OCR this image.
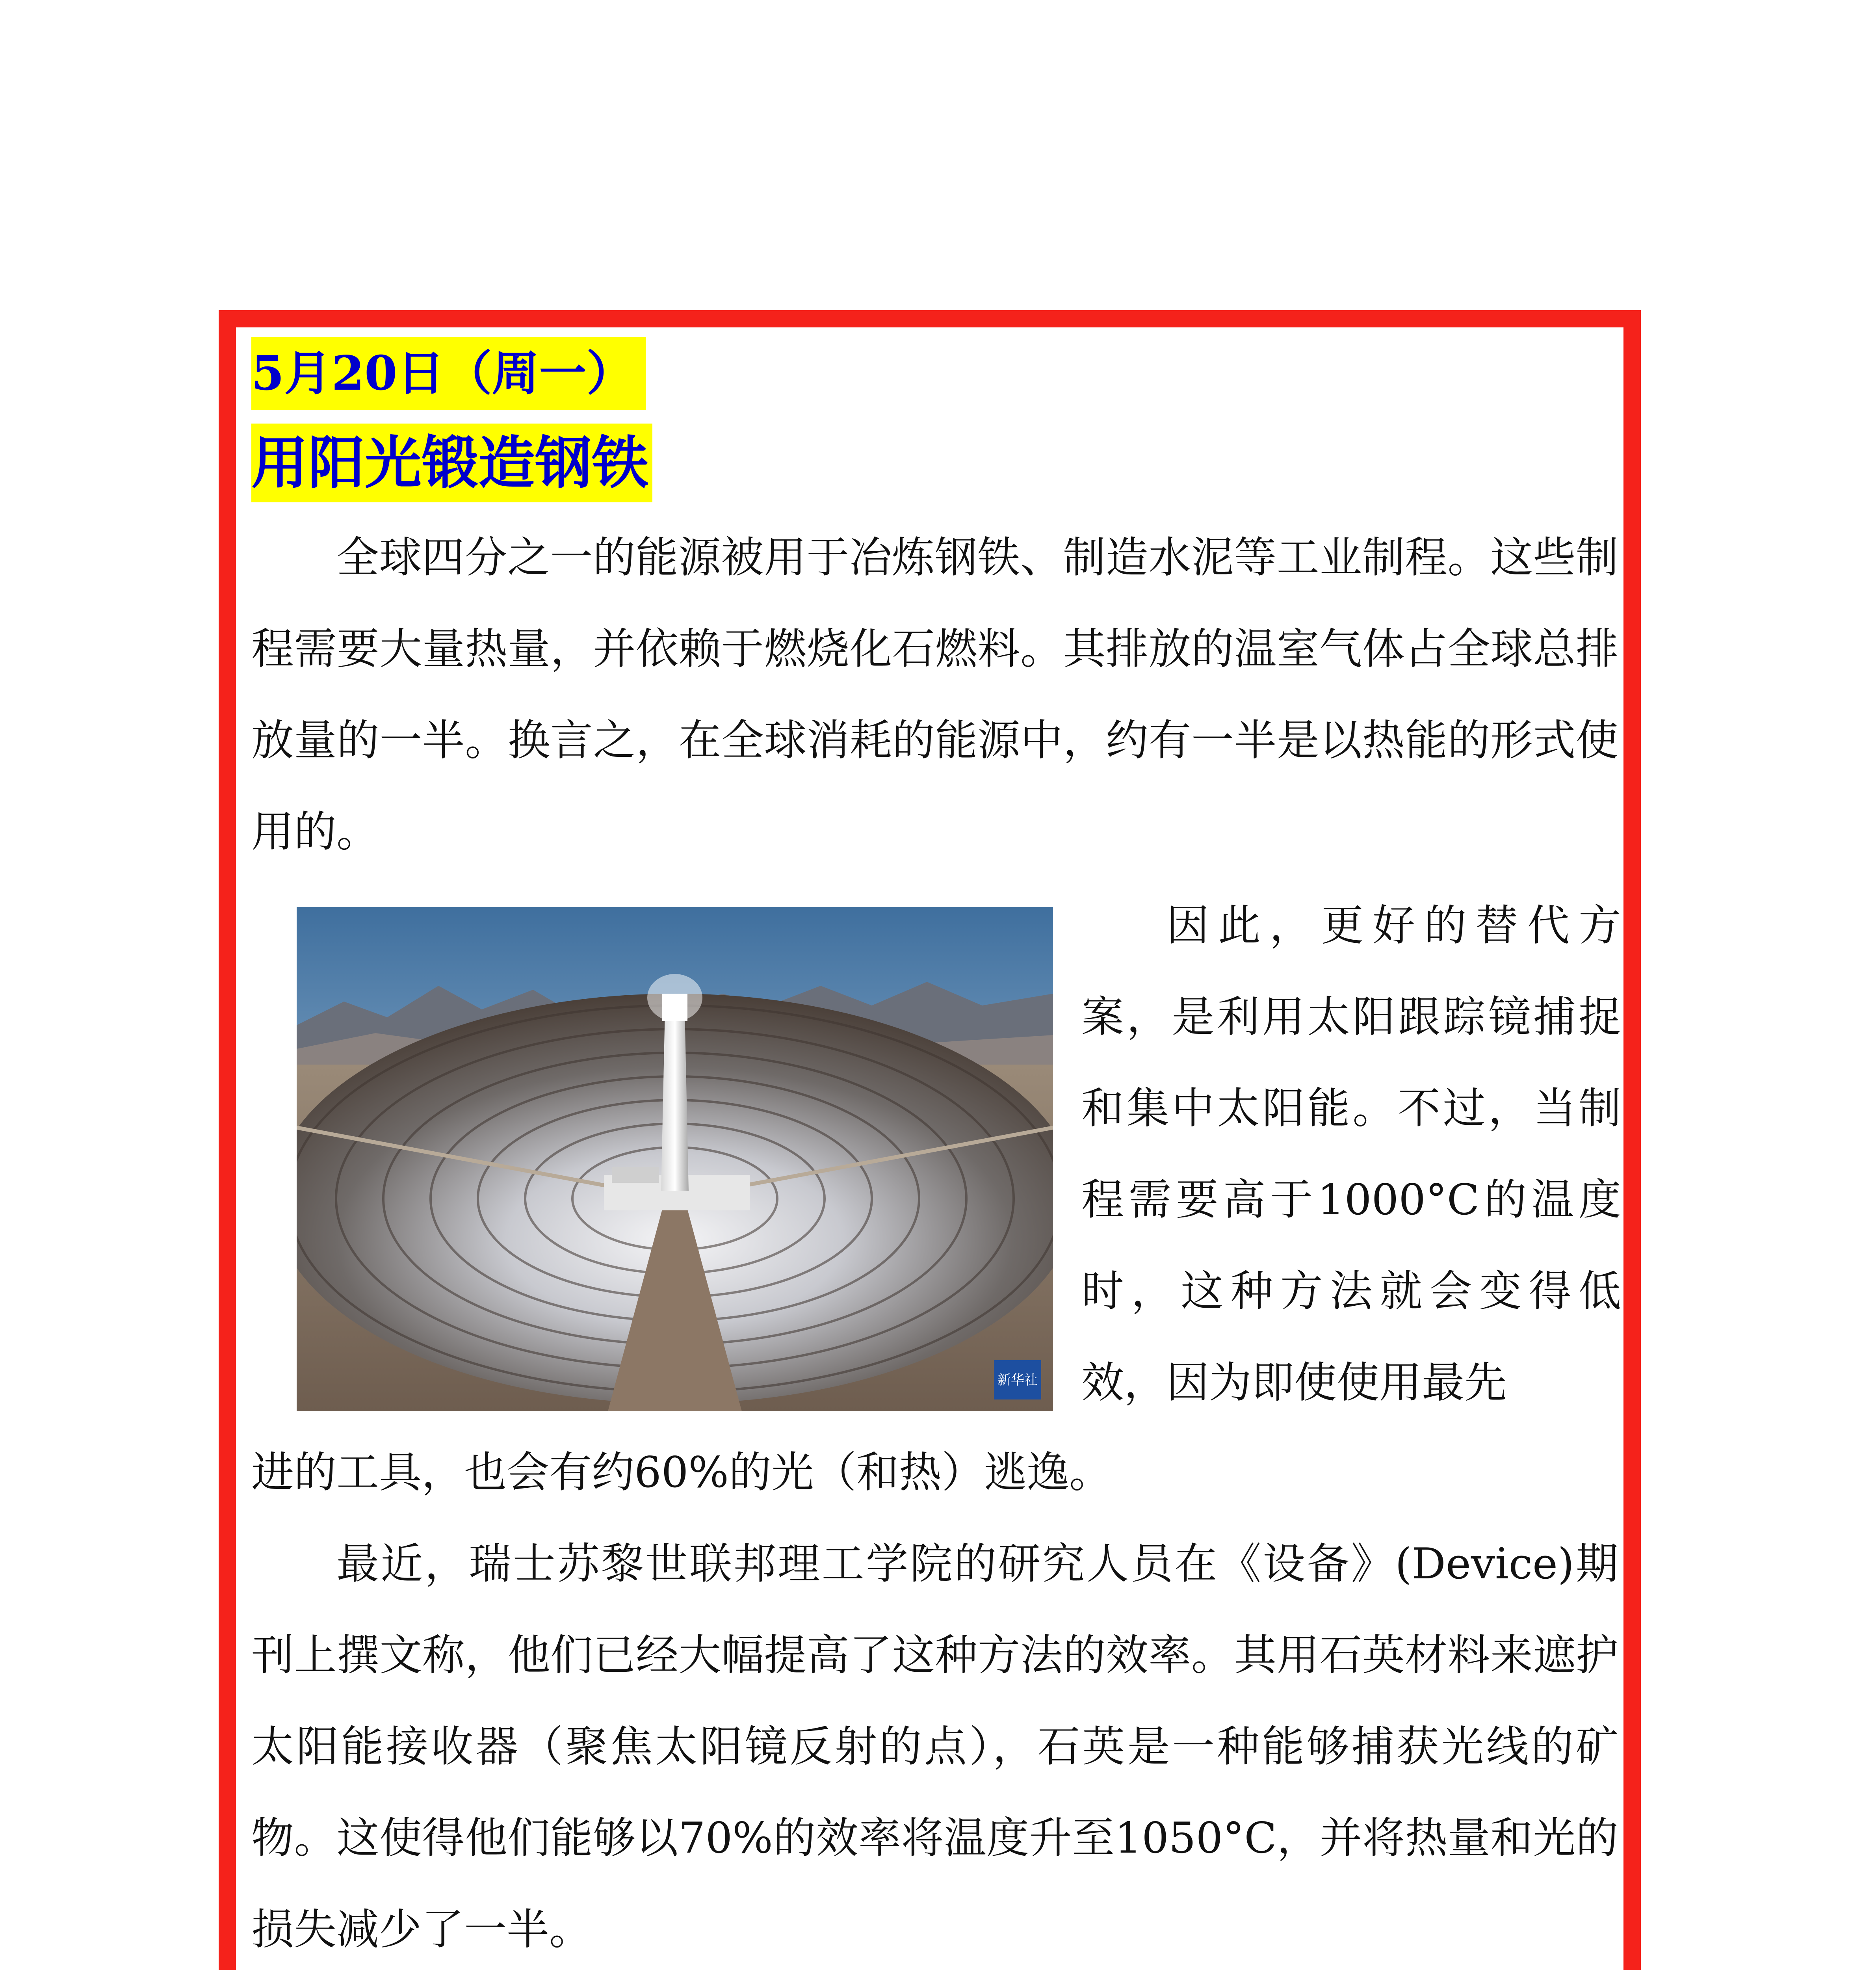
5月20日（周一）
用阳光锻造钢铁
全球四分之一的能源被用于冶炼钢铁、制造水泥等工业制程。这些制程需要大量热量，并依赖于燃烧化石燃料。其排放的温室气体占全球总排放量的一半。换言之，在全球消耗的能源中，约有一半是以热能的形式使用的。
新华社
因此，更好的替代方案，是利用太阳跟踪镜捕捉和集中太阳能。不过，当制程需要高于1000°C的温度时，这种方法就会变得低效，因为即使使用最先
进的工具，也会有约60%的光（和热）逃逸。
最近，瑞士苏黎世联邦理工学院的研究人员在《设备》(Device)期刊上撰文称，他们已经大幅提高了这种方法的效率。其用石英材料来遮护太阳能接收器（聚焦太阳镜反射的点），石英是一种能够捕获光线的矿物。这使得他们能够以70%的效率将温度升至1050°C，并将热量和光的损失减少了一半。
